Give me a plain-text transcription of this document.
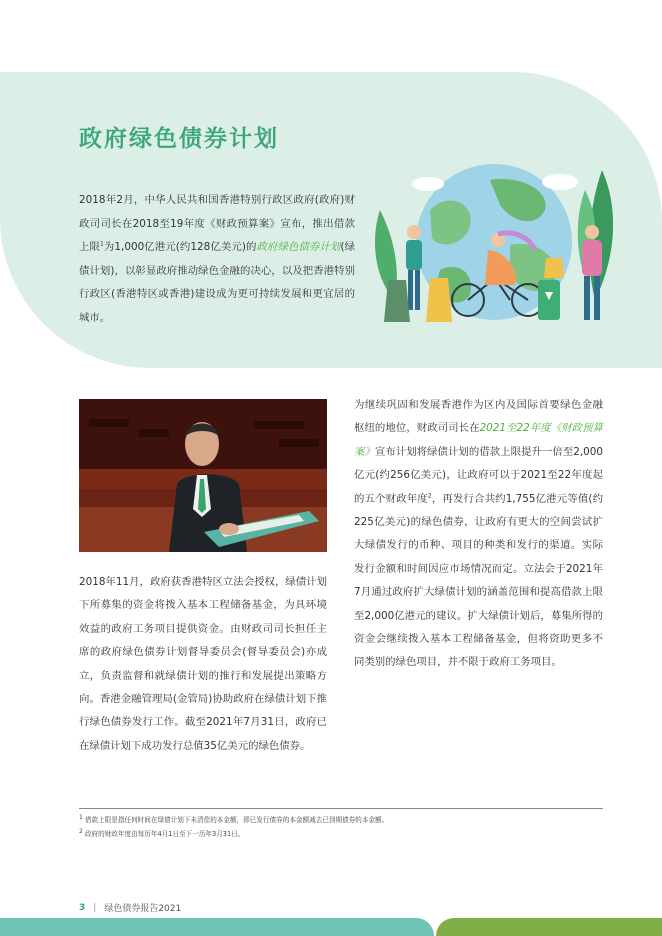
政府绿色债券计划

2018年2月，中华人民共和国香港特别行政区政府(政府)财政司司长在2018至19年度《财政预算案》宣布，推出借款上限$^1$为1,000亿港元(约128亿美元)的政府绿色债券计划(绿债计划)，以彰显政府推动绿色金融的决心，以及把香港特别行政区(香港特区或香港)建设成为更可持续发展和更宜居的城市。

2018年11月，政府获香港特区立法会授权，绿债计划下所募集的资金将拨入基本工程储备基金，为具环境效益的政府工务项目提供资金。由财政司司长担任主席的政府绿色债券计划督导委员会(督导委员会)亦成立，负责监督和就绿债计划的推行和发展提出策略方向。香港金融管理局(金管局)协助政府在绿债计划下推行绿色债券发行工作。截至2021年7月31日，政府已在绿债计划下成功发行总值35亿美元的绿色债券。

为继续巩固和发展香港作为区内及国际首要绿色金融枢纽的地位，财政司司长在2021至22年度《财政预算案》宣布计划将绿债计划的借款上限提升一倍至2,000亿元(约256亿美元)，让政府可以于2021至22年度起的五个财政年度$^2$，再发行合共约1,755亿港元等值(约225亿美元)的绿色债券，让政府有更大的空间尝试扩大绿债发行的币种、项目的种类和发行的渠道。实际发行金额和时间因应市场情况而定。立法会于2021年7月通过政府扩大绿债计划的涵盖范围和提高借款上限至2,000亿港元的建议。扩大绿债计划后，募集所得的资金会继续拨入基本工程储备基金，但将资助更多不同类别的绿色项目，并不限于政府工务项目。

$^1$ 借款上限是指任何时间在绿债计划下未清偿的本金额，即已发行债券的本金额减去已到期债券的本金额。

$^2$ 政府的财政年度由每历年4月1日至下一历年3月31日。

3 | 绿色债券报告2021
